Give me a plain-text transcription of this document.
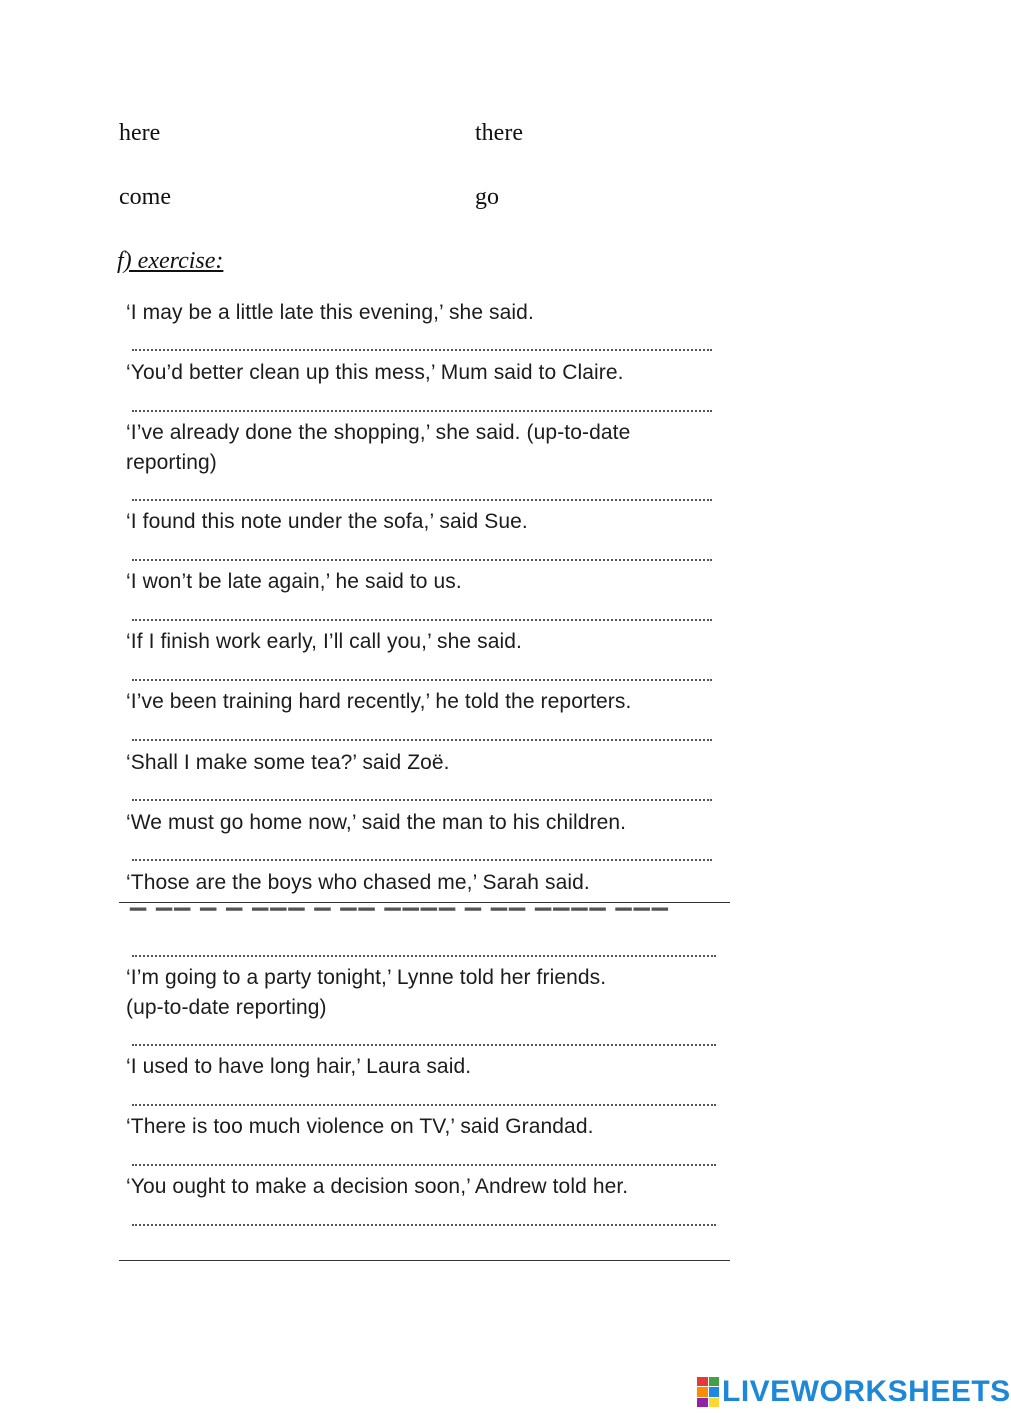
here	there
come	go
f) exercise:
‘I may be a little late this evening,’ she said.
‘You’d better clean up this mess,’ Mum said to Claire.
‘I’ve already done the shopping,’ she said. (up-to-date
reporting)
‘I found this note under the sofa,’ said Sue.
‘I won’t be late again,’ he said to us.
‘If I finish work early, I’ll call you,’ she said.
‘I’ve been training hard recently,’ he told the reporters.
‘Shall I make some tea?’ said Zoë.
‘We must go home now,’ said the man to his children.
‘Those are the boys who chased me,’ Sarah said.
▔ ▔▔ ▔ ▔ ▔▔▔ ▔ ▔▔ ▔▔▔▔ ▔ ▔▔ ▔▔▔▔ ▔▔▔
‘I’m going to a party tonight,’ Lynne told her friends.
(up-to-date reporting)
‘I used to have long hair,’ Laura said.
‘There is too much violence on TV,’ said Grandad.
‘You ought to make a decision soon,’ Andrew told her.
LIVEWORKSHEETS
